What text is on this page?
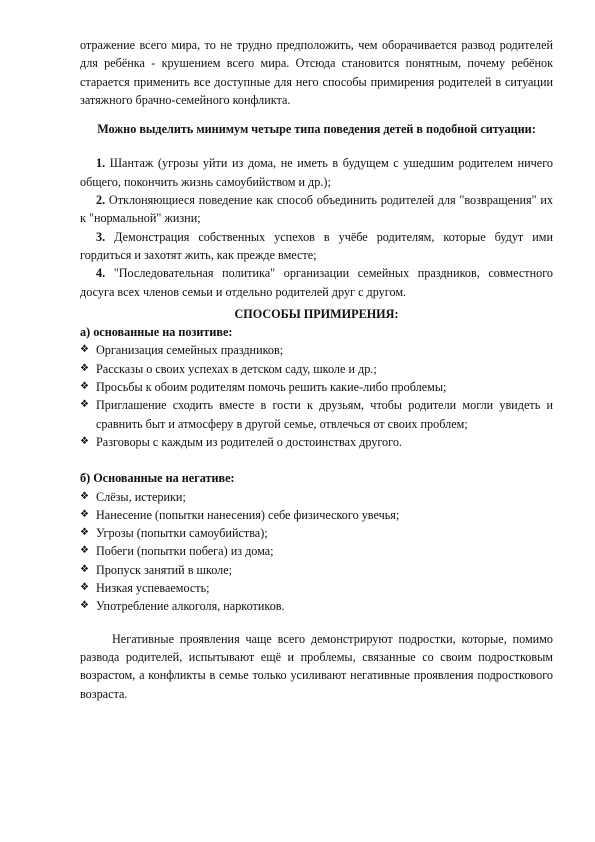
отражение всего мира, то не трудно предположить, чем оборачивается развод родителей для ребёнка - крушением всего мира. Отсюда становится понятным, почему ребёнок старается применить все доступные для него способы примирения родителей в ситуации затяжного брачно-семейного конфликта.

Можно выделить минимум четыре типа поведения детей в подобной ситуации:

1. Шантаж (угрозы уйти из дома, не иметь в будущем с ушедшим родителем ничего общего, покончить жизнь самоубийством и др.);

2. Отклоняющиеся поведение как способ объединить родителей для "возвращения" их к "нормальной" жизни;

3. Демонстрация собственных успехов в учёбе родителям, которые будут ими гордиться и захотят жить, как прежде вместе;

4. "Последовательная политика" организации семейных праздников, совместного досуга всех членов семьи и отдельно родителей друг с другом.

СПОСОБЫ ПРИМИРЕНИЯ:

а) основанные на позитиве:

❖ Организация семейных праздников;
❖ Рассказы о своих успехах в детском саду, школе и др.;
❖ Просьбы к обоим родителям помочь решить какие-либо проблемы;
❖ Приглашение сходить вместе в гости к друзьям, чтобы родители могли увидеть и сравнить быт и атмосферу в другой семье, отвлечься от своих проблем;
❖ Разговоры с каждым из родителей о достоинствах другого.

б) Основанные на негативе:

❖ Слёзы, истерики;
❖ Нанесение (попытки нанесения) себе физического увечья;
❖ Угрозы (попытки самоубийства);
❖ Побеги (попытки побега) из дома;
❖ Пропуск занятий в школе;
❖ Низкая успеваемость;
❖ Употребление алкоголя, наркотиков.

Негативные проявления чаще всего демонстрируют подростки, которые, помимо развода родителей, испытывают ещё и проблемы, связанные со своим подростковым возрастом, а конфликты в семье только усиливают негативные проявления подросткового возраста.
